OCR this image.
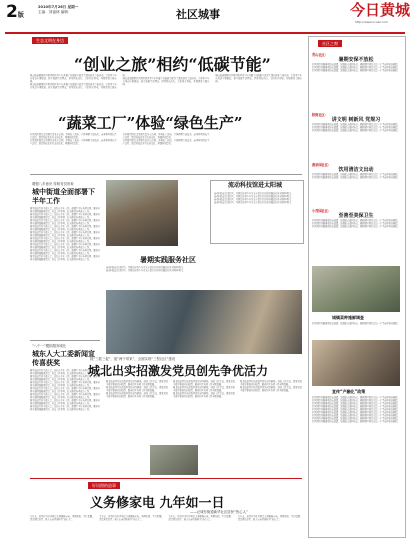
2版
2010年7月26日 星期一
主编：刘福林 编辑：	社区城事	今日黄城
http://www.ncnet.com
生态文明在身边
“创业之旅”相约“低碳节能”
城南街道健康社区组织辖区青少年开展了以低碳节能为主题的创业之旅活动，引导青少年从身边小事做起，树立低碳生活理念，倡导绿色出行，节约用水用电，共同建设美丽家园。
城南街道健康社区组织辖区青少年开展了以低碳节能为主题的创业之旅活动，引导青少年从身边小事做起，树立低碳生活理念，倡导绿色出行，节约用水用电，共同建设美丽家园。
城南街道健康社区组织辖区青少年开展了以低碳节能为主题的创业之旅活动，引导青少年从身边小事做起，树立低碳生活理念，倡导绿色出行，节约用水用电，共同建设美丽家园。
城南街道健康社区组织辖区青少年开展了以低碳节能为主题的创业之旅活动，引导青少年从身边小事做起，树立低碳生活理念，倡导绿色出行，节约用水用电，共同建设美丽家园。
“蔬菜工厂”体验“绿色生产”
社区组织居民走进现代农业示范园，参观无土栽培、立体种植等新技术，亲身体验绿色生产过程，感受科技农业带来的变化，增强环保意识。
社区组织居民走进现代农业示范园，参观无土栽培、立体种植等新技术，亲身体验绿色生产过程，感受科技农业带来的变化，增强环保意识。
社区组织居民走进现代农业示范园，参观无土栽培、立体种植等新技术，亲身体验绿色生产过程，感受科技农业带来的变化，增强环保意识。
社区组织居民走进现代农业示范园，参观无土栽培、立体种植等新技术，亲身体验绿色生产过程，感受科技农业带来的变化，增强环保意识。
增强八乡意识 传树务员形象
城中街道全面部署下半年工作
城中街道召开干部大会，总结上半年工作，部署下半年各项任务，要求全体干部增强服务意识，转变工作作风，扎实推进各项重点工作。
城中街道召开干部大会，总结上半年工作，部署下半年各项任务，要求全体干部增强服务意识，转变工作作风，扎实推进各项重点工作。
城中街道召开干部大会，总结上半年工作，部署下半年各项任务，要求全体干部增强服务意识，转变工作作风，扎实推进各项重点工作。
城中街道召开干部大会，总结上半年工作，部署下半年各项任务，要求全体干部增强服务意识，转变工作作风，扎实推进各项重点工作。
城中街道召开干部大会，总结上半年工作，部署下半年各项任务，要求全体干部增强服务意识，转变工作作风，扎实推进各项重点工作。
城中街道召开干部大会，总结上半年工作，部署下半年各项任务，要求全体干部增强服务意识，转变工作作风，扎实推进各项重点工作。
城中街道召开干部大会，总结上半年工作，部署下半年各项任务，要求全体干部增强服务意识，转变工作作风，扎实推进各项重点工作。
城中街道召开干部大会，总结上半年工作，部署下半年各项任务，要求全体干部增强服务意识，转变工作作风，扎实推进各项重点工作。
城中街道召开干部大会，总结上半年工作，部署下半年各项任务，要求全体干部增强服务意识，转变工作作风，扎实推进各项重点工作。
“八个一”模拟服务城北
城东人大工委新闻宣传喜获奖
城中街道召开干部大会，总结上半年工作，部署下半年各项任务，要求全体干部增强服务意识，转变工作作风，扎实推进各项重点工作。
城中街道召开干部大会，总结上半年工作，部署下半年各项任务，要求全体干部增强服务意识，转变工作作风，扎实推进各项重点工作。
城中街道召开干部大会，总结上半年工作，部署下半年各项任务，要求全体干部增强服务意识，转变工作作风，扎实推进各项重点工作。
城中街道召开干部大会，总结上半年工作，部署下半年各项任务，要求全体干部增强服务意识，转变工作作风，扎实推进各项重点工作。
城中街道召开干部大会，总结上半年工作，部署下半年各项任务，要求全体干部增强服务意识，转变工作作风，扎实推进各项重点工作。
城中街道召开干部大会，总结上半年工作，部署下半年各项任务，要求全体干部增强服务意识，转变工作作风，扎实推进各项重点工作。
城中街道召开干部大会，总结上半年工作，部署下半年各项任务，要求全体干部增强服务意识，转变工作作风，扎实推进各项重点工作。
暑期实践服务社区
流动科技馆走进社区，为居民和青少年带来丰富多彩的科普展品和互动体验项目。
流动科技馆走进社区，为居民和青少年带来丰富多彩的科普展品和互动体验项目。
流动科技馆进太阳城
流动科技馆走进社区，为居民和青少年带来丰富多彩的科普展品和互动体验项目。
流动科技馆走进社区，为居民和青少年带来丰富多彩的科普展品和互动体验项目。
流动科技馆走进社区，为居民和青少年带来丰富多彩的科普展品和互动体验项目。
流动科技馆走进社区，为居民和青少年带来丰富多彩的科普展品和互动体验项目。
抓“三抓三促”，促“两个带来”，全面实现“三型社区”建设
城北出实招激发党员创先争优活力
城北街道坚持以创先争优活动为载体，创新工作方法，激发党员干部干事创业的热情，推动社区各项工作全面发展。
城北街道坚持以创先争优活动为载体，创新工作方法，激发党员干部干事创业的热情，推动社区各项工作全面发展。
城北街道坚持以创先争优活动为载体，创新工作方法，激发党员干部干事创业的热情，推动社区各项工作全面发展。
城北街道坚持以创先争优活动为载体，创新工作方法，激发党员干部干事创业的热情，推动社区各项工作全面发展。
城北街道坚持以创先争优活动为载体，创新工作方法，激发党员干部干事创业的热情，推动社区各项工作全面发展。
城北街道坚持以创先争优活动为载体，创新工作方法，激发党员干部干事创业的热情，推动社区各项工作全面发展。
城北街道坚持以创先争优活动为载体，创新工作方法，激发党员干部干事创业的热情，推动社区各项工作全面发展。
城北街道坚持以创先争优活动为载体，创新工作方法，激发党员干部干事创业的热情，推动社区各项工作全面发展。
好讯照的造事
义务修家电 九年如一日
——记城东街道新华社区居民“热心人”
九年来，他坚持为社区居民义务维修家电，风雨无阻，不计报酬，深受居民好评，被大家亲切地称为“热心人”。
九年来，他坚持为社区居民义务维修家电，风雨无阻，不计报酬，深受居民好评，被大家亲切地称为“热心人”。
九年来，他坚持为社区居民义务维修家电，风雨无阻，不计报酬，深受居民好评，被大家亲切地称为“热心人”。
九年来，他坚持为社区居民义务维修家电，风雨无阻，不计报酬，深受居民好评，被大家亲切地称为“热心人”。
社区之窗
青山社区：
暑期安保不放松
社区组织开展暑期治安巡逻，加强重点部位防范，确保辖区居民度过一个平安祥和的暑假。
社区组织开展暑期治安巡逻，加强重点部位防范，确保辖区居民度过一个平安祥和的暑假。
社区组织开展暑期治安巡逻，加强重点部位防范，确保辖区居民度过一个平安祥和的暑假。
阳街社区：
讲文明 树新风 党规习
社区组织开展暑期治安巡逻，加强重点部位防范，确保辖区居民度过一个平安祥和的暑假。
社区组织开展暑期治安巡逻，加强重点部位防范，确保辖区居民度过一个平安祥和的暑假。
社区组织开展暑期治安巡逻，加强重点部位防范，确保辖区居民度过一个平安祥和的暑假。
燕亲园社区：
饮用清洁文出动
社区组织开展暑期治安巡逻，加强重点部位防范，确保辖区居民度过一个平安祥和的暑假。
社区组织开展暑期治安巡逻，加强重点部位防范，确保辖区居民度过一个平安祥和的暑假。
小茂园社区：
至善至美保卫生
社区组织开展暑期治安巡逻，加强重点部位防范，确保辖区居民度过一个平安祥和的暑假。
社区组织开展暑期治安巡逻，加强重点部位防范，确保辖区居民度过一个平安祥和的暑假。
社区组织开展暑期治安巡逻，加强重点部位防范，确保辖区居民度过一个平安祥和的暑假。
城镇菜种施鲜调查
社区组织开展暑期治安巡逻，加强重点部位防范，确保辖区居民度过一个平安祥和的暑假。
宣传“产融化”政策
社区组织开展暑期治安巡逻，加强重点部位防范，确保辖区居民度过一个平安祥和的暑假。
社区组织开展暑期治安巡逻，加强重点部位防范，确保辖区居民度过一个平安祥和的暑假。
社区组织开展暑期治安巡逻，加强重点部位防范，确保辖区居民度过一个平安祥和的暑假。
社区组织开展暑期治安巡逻，加强重点部位防范，确保辖区居民度过一个平安祥和的暑假。
社区组织开展暑期治安巡逻，加强重点部位防范，确保辖区居民度过一个平安祥和的暑假。
社区组织开展暑期治安巡逻，加强重点部位防范，确保辖区居民度过一个平安祥和的暑假。
社区组织开展暑期治安巡逻，加强重点部位防范，确保辖区居民度过一个平安祥和的暑假。
社区组织开展暑期治安巡逻，加强重点部位防范，确保辖区居民度过一个平安祥和的暑假。
社区组织开展暑期治安巡逻，加强重点部位防范，确保辖区居民度过一个平安祥和的暑假。
